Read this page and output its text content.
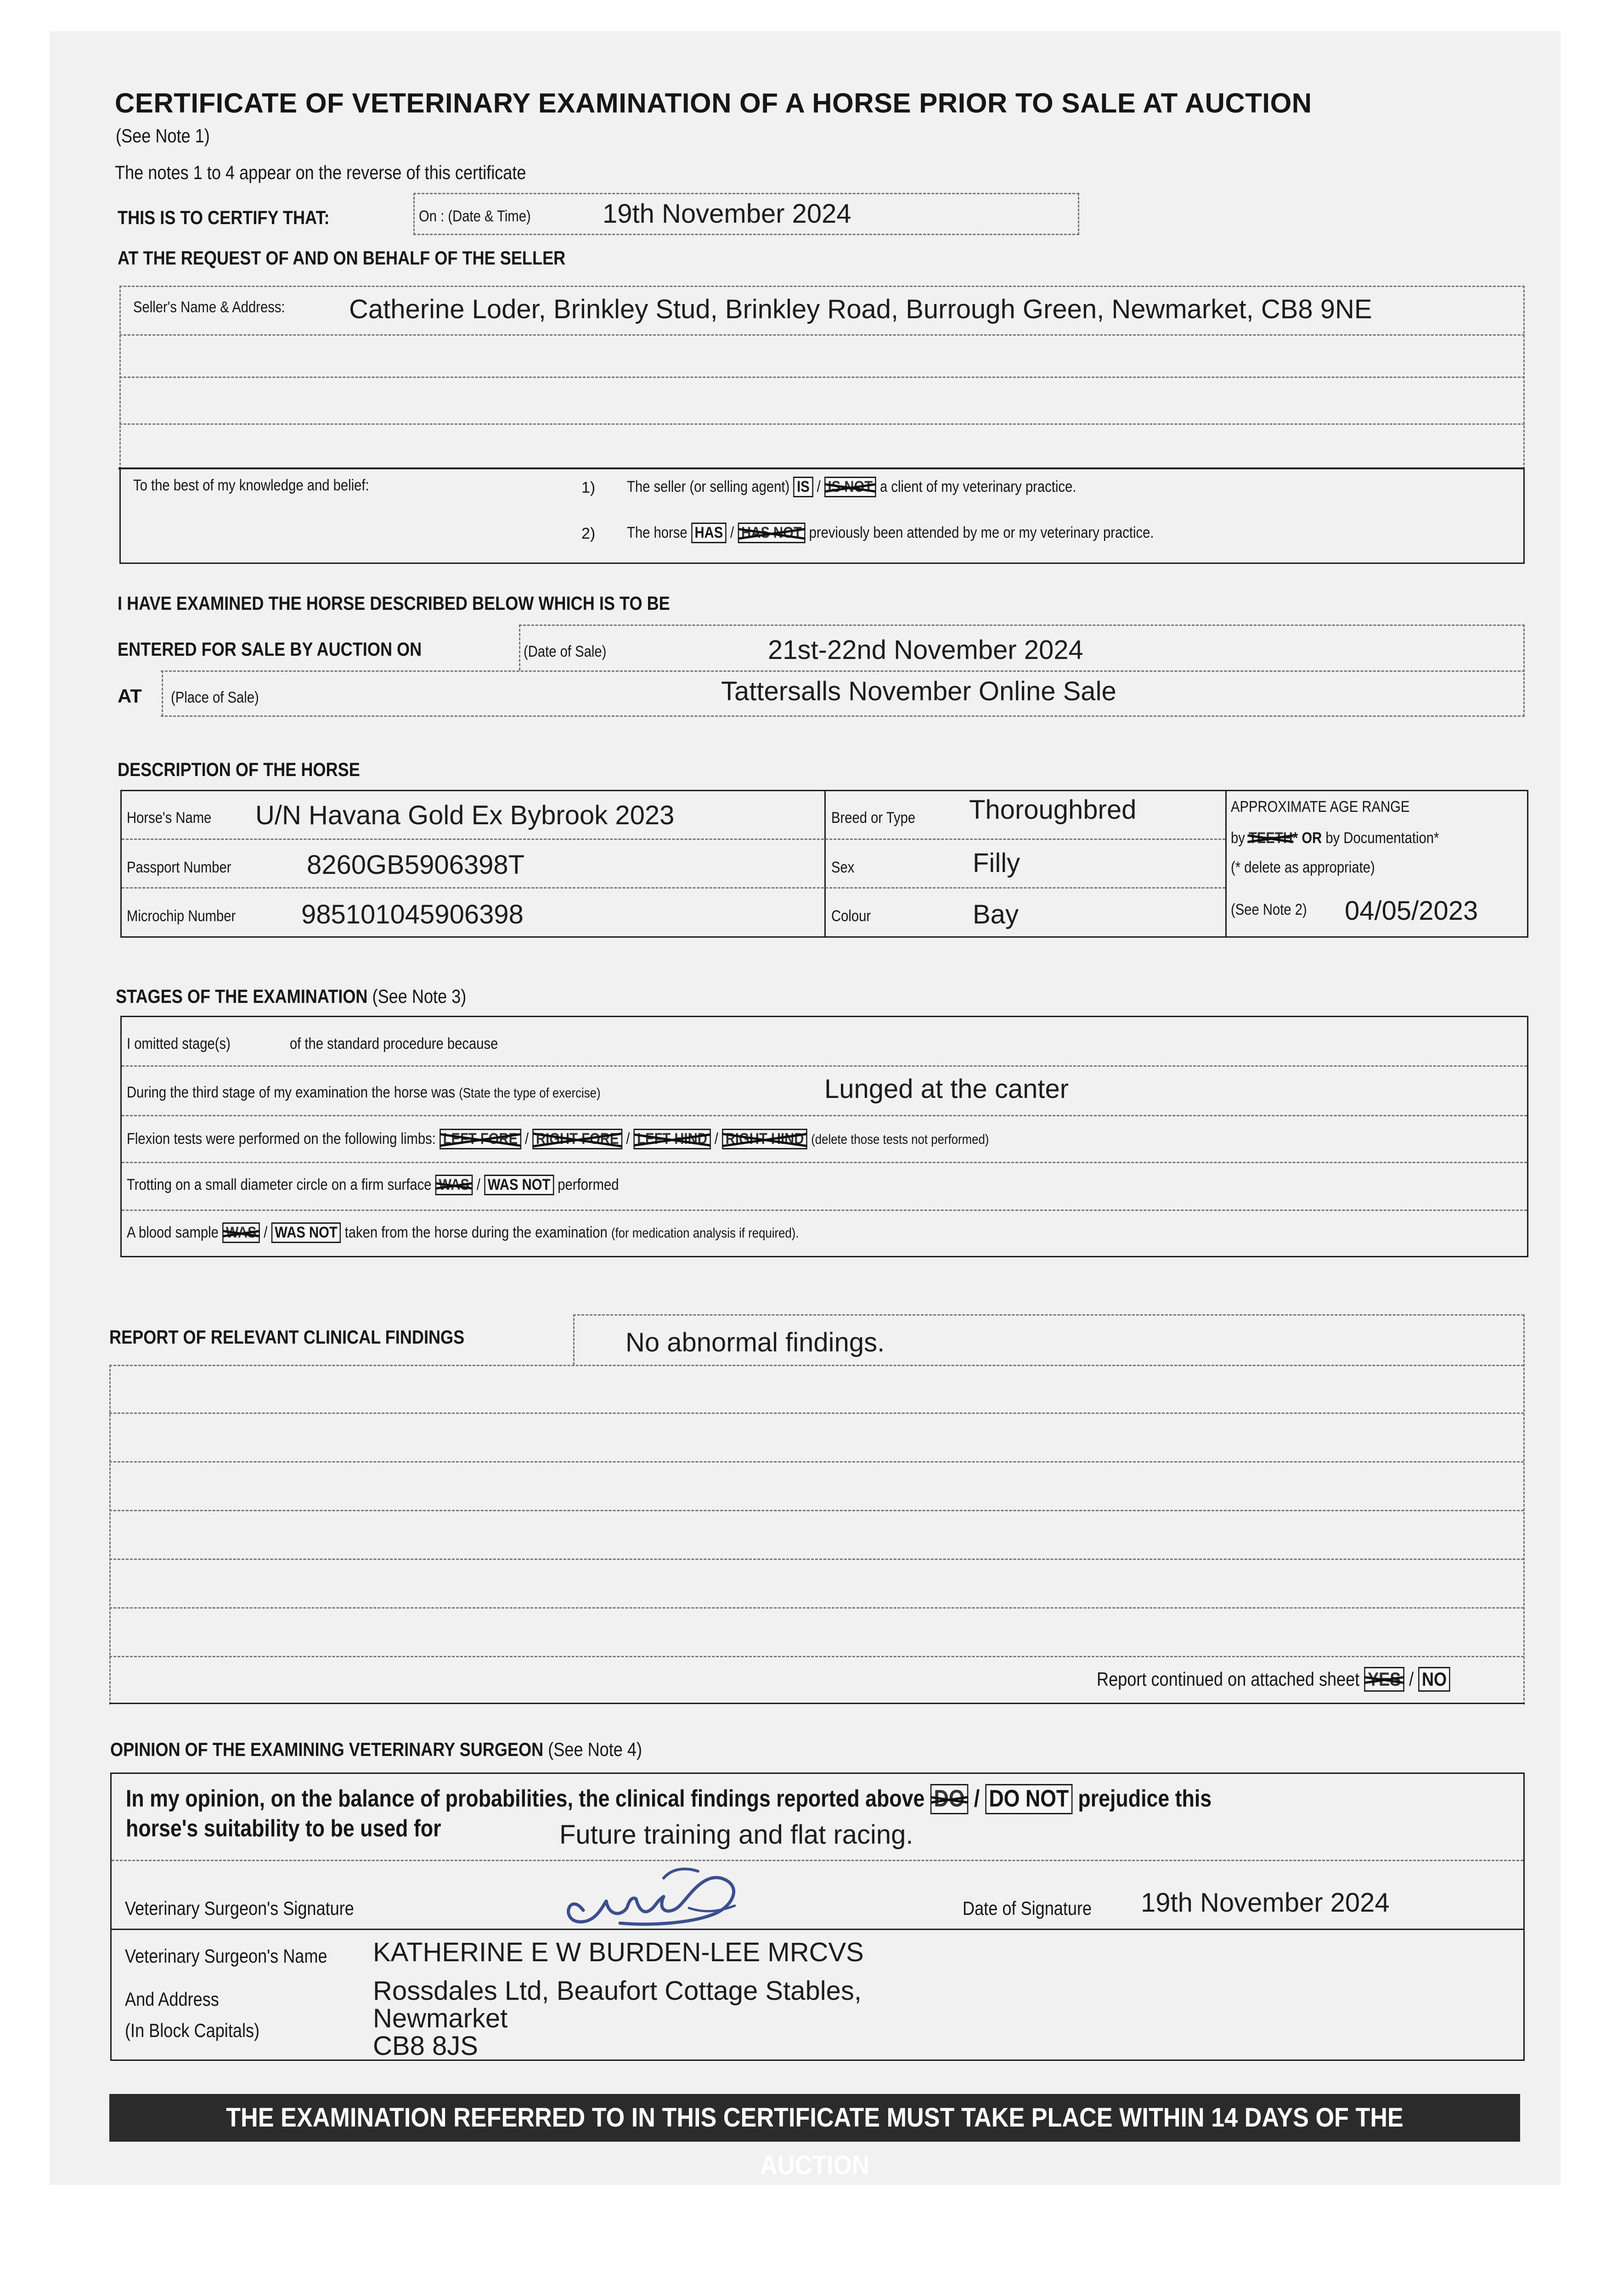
CERTIFICATE OF VETERINARY EXAMINATION OF A HORSE PRIOR TO SALE AT AUCTION
(See Note 1)
The notes 1 to 4 appear on the reverse of this certificate
THIS IS TO CERTIFY THAT:	On : (Date & Time)	19th November 2024
AT THE REQUEST OF AND ON BEHALF OF THE SELLER
Seller's Name & Address:	Catherine Loder, Brinkley Stud, Brinkley Road, Burrough Green, Newmarket, CB8 9NE
To the best of my knowledge and belief:	1) The seller (or selling agent) IS / IS NOT a client of my veterinary practice.
2) The horse HAS / HAS NOT previously been attended by me or my veterinary practice.
I HAVE EXAMINED THE HORSE DESCRIBED BELOW WHICH IS TO BE
ENTERED FOR SALE BY AUCTION ON	(Date of Sale)	21st-22nd November 2024
AT (Place of Sale)	Tattersalls November Online Sale
DESCRIPTION OF THE HORSE
Horse's Name	U/N Havana Gold Ex Bybrook 2023	Breed or Type	Thoroughbred	APPROXIMATE AGE RANGE
by TEETH* OR by Documentation*
(* delete as appropriate)
Passport Number	8260GB5906398T	Sex	Filly
Microchip Number	985101045906398	Colour	Bay	(See Note 2)	04/05/2023
STAGES OF THE EXAMINATION (See Note 3)
I omitted stage(s)	of the standard procedure because
During the third stage of my examination the horse was (State the type of exercise)	Lunged at the canter
Flexion tests were performed on the following limbs: LEFT FORE / RIGHT FORE / LEFT HIND / RIGHT HIND (delete those tests not performed)
Trotting on a small diameter circle on a firm surface WAS / WAS NOT performed
A blood sample WAS / WAS NOT taken from the horse during the examination (for medication analysis if required).
REPORT OF RELEVANT CLINICAL FINDINGS	No abnormal findings.
Report continued on attached sheet YES / NO
OPINION OF THE EXAMINING VETERINARY SURGEON (See Note 4)
In my opinion, on the balance of probabilities, the clinical findings reported above DO / DO NOT prejudice this
horse's suitability to be used for	Future training and flat racing.
Veterinary Surgeon's Signature	Date of Signature	19th November 2024
Veterinary Surgeon's Name	KATHERINE E W BURDEN-LEE MRCVS
And Address
(In Block Capitals)
Rossdales Ltd, Beaufort Cottage Stables,
Newmarket
CB8 8JS
THE EXAMINATION REFERRED TO IN THIS CERTIFICATE MUST TAKE PLACE WITHIN 14 DAYS OF THE AUCTION
